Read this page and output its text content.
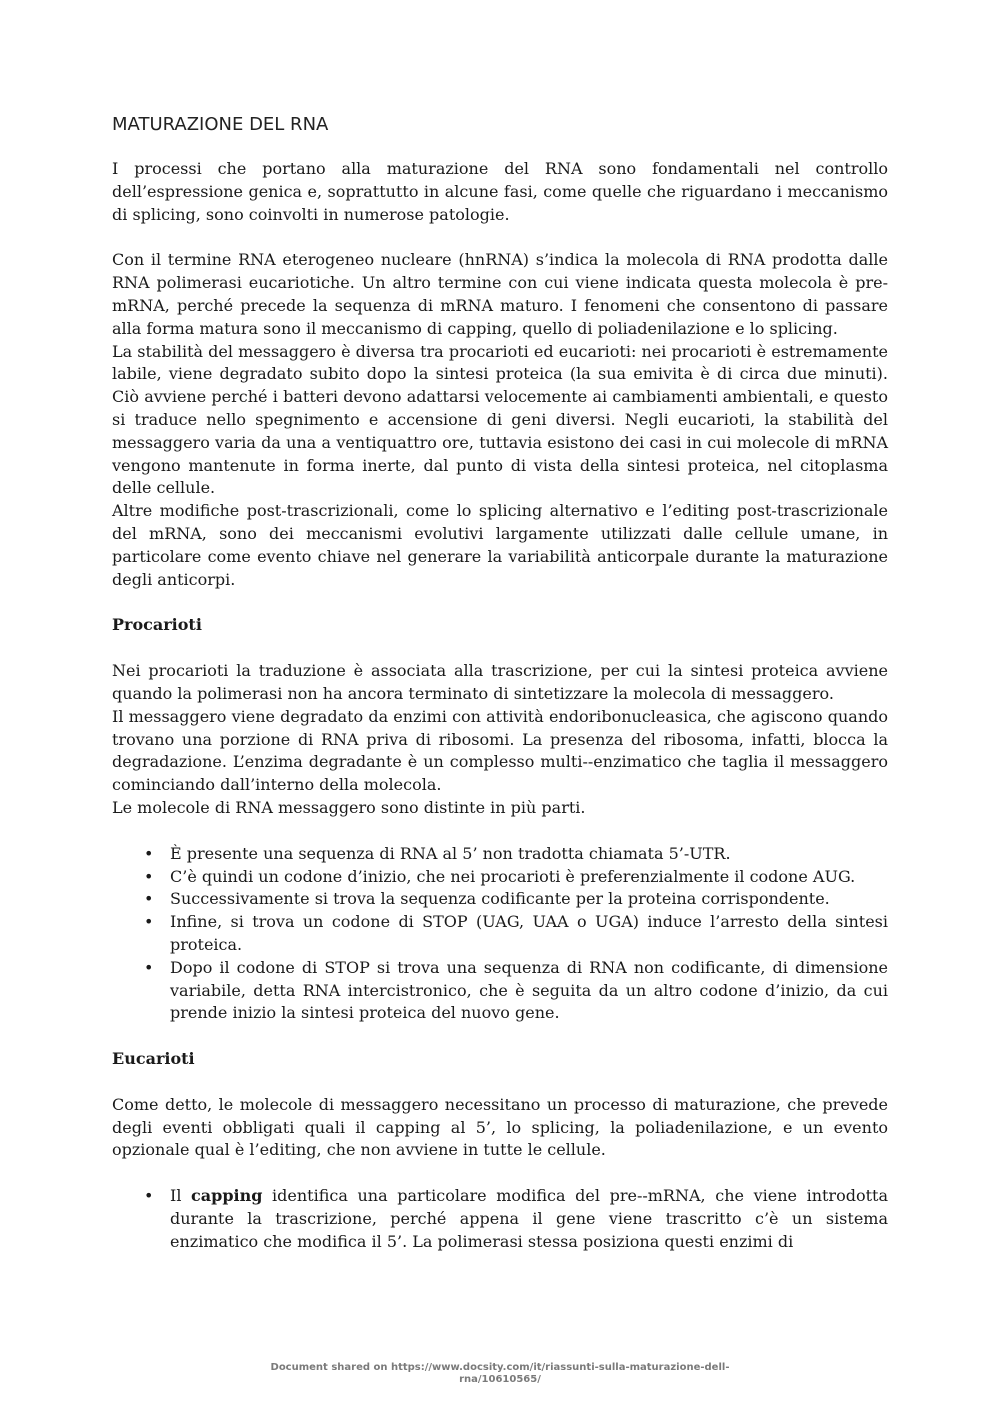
MATURAZIONE DEL RNA

I processi che portano alla maturazione del RNA sono fondamentali nel controllo dell’espressione genica e, soprattutto in alcune fasi, come quelle che riguardano i meccanismo di splicing, sono coinvolti in numerose patologie.

Con il termine RNA eterogeneo nucleare (hnRNA) s’indica la molecola di RNA prodotta dalle RNA polimerasi eucariotiche. Un altro termine con cui viene indicata questa molecola è pre-mRNA, perché precede la sequenza di mRNA maturo. I fenomeni che consentono di passare alla forma matura sono il meccanismo di capping, quello di poliadenilazione e lo splicing.

La stabilità del messaggero è diversa tra procarioti ed eucarioti: nei procarioti è estremamente labile, viene degradato subito dopo la sintesi proteica (la sua emivita è di circa due minuti). Ciò avviene perché i batteri devono adattarsi velocemente ai cambiamenti ambientali, e questo si traduce nello spegnimento e accensione di geni diversi. Negli eucarioti, la stabilità del messaggero varia da una a ventiquattro ore, tuttavia esistono dei casi in cui molecole di mRNA vengono mantenute in forma inerte, dal punto di vista della sintesi proteica, nel citoplasma delle cellule.

Altre modifiche post-trascrizionali, come lo splicing alternativo e l’editing post-trascrizionale del mRNA, sono dei meccanismi evolutivi largamente utilizzati dalle cellule umane, in particolare come evento chiave nel generare la variabilità anticorpale durante la maturazione degli anticorpi.

Procarioti

Nei procarioti la traduzione è associata alla trascrizione, per cui la sintesi proteica avviene quando la polimerasi non ha ancora terminato di sintetizzare la molecola di messaggero.

Il messaggero viene degradato da enzimi con attività endoribonucleasica, che agiscono quando trovano una porzione di RNA priva di ribosomi. La presenza del ribosoma, infatti, blocca la degradazione. L’enzima degradante è un complesso multi--enzimatico che taglia il messaggero cominciando dall’interno della molecola.

Le molecole di RNA messaggero sono distinte in più parti.

• È presente una sequenza di RNA al 5’ non tradotta chiamata 5’-UTR.
• C’è quindi un codone d’inizio, che nei procarioti è preferenzialmente il codone AUG.
• Successivamente si trova la sequenza codificante per la proteina corrispondente.
• Infine, si trova un codone di STOP (UAG, UAA o UGA) induce l’arresto della sintesi proteica.
• Dopo il codone di STOP si trova una sequenza di RNA non codificante, di dimensione variabile, detta RNA intercistronico, che è seguita da un altro codone d’inizio, da cui prende inizio la sintesi proteica del nuovo gene.

Eucarioti

Come detto, le molecole di messaggero necessitano un processo di maturazione, che prevede degli eventi obbligati quali il capping al 5’, lo splicing, la poliadenilazione, e un evento opzionale qual è l’editing, che non avviene in tutte le cellule.

• Il capping identifica una particolare modifica del pre--mRNA, che viene introdotta durante la trascrizione, perché appena il gene viene trascritto c’è un sistema enzimatico che modifica il 5’. La polimerasi stessa posiziona questi enzimi di
Document shared on https://www.docsity.com/it/riassunti-sulla-maturazione-dell-
rna/10610565/
